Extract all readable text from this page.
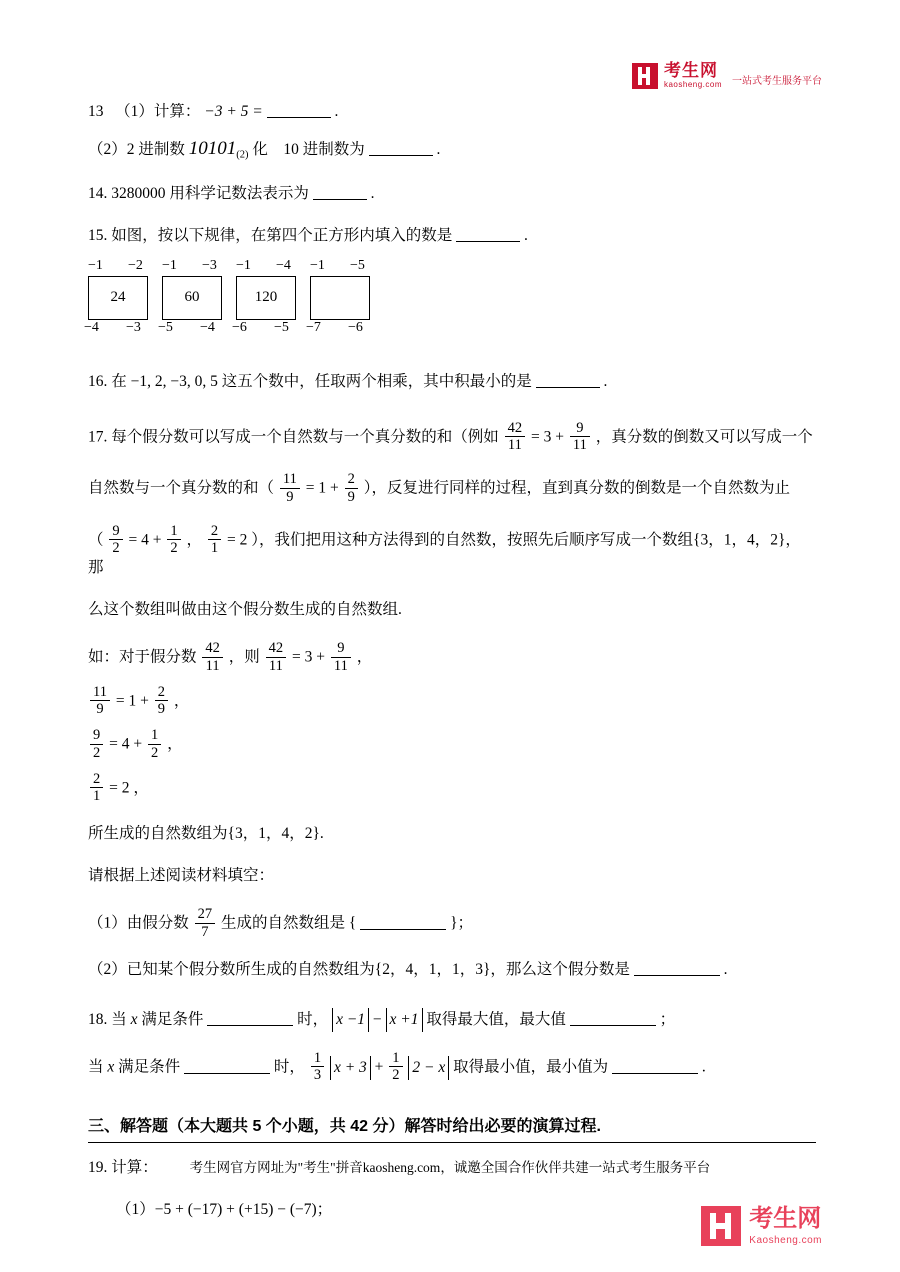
考生网
kaosheng.com 一站式考生服务平台

13 （1）计算： −3 + 5 =	.

（2）2 进制数 $10101_{(2)}$ 化 10 进制数为	.

14. 3280000 用科学记数法表示为	.

15. 如图，按以下规律，在第四个正方形内填入的数是	.

−1 −2
24
−4 −3
−1 −3
60
−5 −4
−1 −4
120
−6 −5
−1 −5
−7 −6

16. 在 −1, 2, −3, 0, 5 这五个数中，任取两个相乘，其中积最小的是	.

17. 每个假分数可以写成一个自然数与一个真分数的和（例如 $\frac{42}{11} = 3 + \frac{9}{11}$ ，真分数的倒数又可以写成一个

自然数与一个真分数的和（ $\frac{11}{9} = 1 + \frac{2}{9}$ ），反复进行同样的过程，直到真分数的倒数是一个自然数为止

（ $\frac{9}{2} = 4 + \frac{1}{2}$ ， $\frac{2}{1} = 2$ ），我们把用这种方法得到的自然数，按照先后顺序写成一个数组{3，1，4，2}，那

么这个数组叫做由这个假分数生成的自然数组.

如：对于假分数 $\frac{42}{11}$ ，则 $\frac{42}{11} = 3 + \frac{9}{11}$ ，

$\frac{11}{9} = 1 + \frac{2}{9}$ ，

$\frac{9}{2} = 4 + \frac{1}{2}$ ，

$\frac{2}{1} = 2$ ，

所生成的自然数组为{3，1，4，2}.

请根据上述阅读材料填空：

（1）由假分数 $\frac{27}{7}$ 生成的自然数组是 {	}；

（2）已知某个假分数所生成的自然数组为{2，4，1，1，3}，那么这个假分数是	.

18. 当 x 满足条件	时， x −1 − x +1 取得最大值，最大值	；

当 x 满足条件	时， $\frac{1}{3}$ $x + 3 + \frac{1}{2} 2 - x$ 取得最小值，最小值为	.

三、解答题（本大题共 5 个小题，共 42 分）解答时给出必要的演算过程.

19. 计算：

（1）−5 + (−17) + (+15) − (−7)；

考生网官方网址为"考生"拼音kaosheng.com，诚邀全国合作伙伴共建一站式考生服务平台
考生网
Kaosheng.com
